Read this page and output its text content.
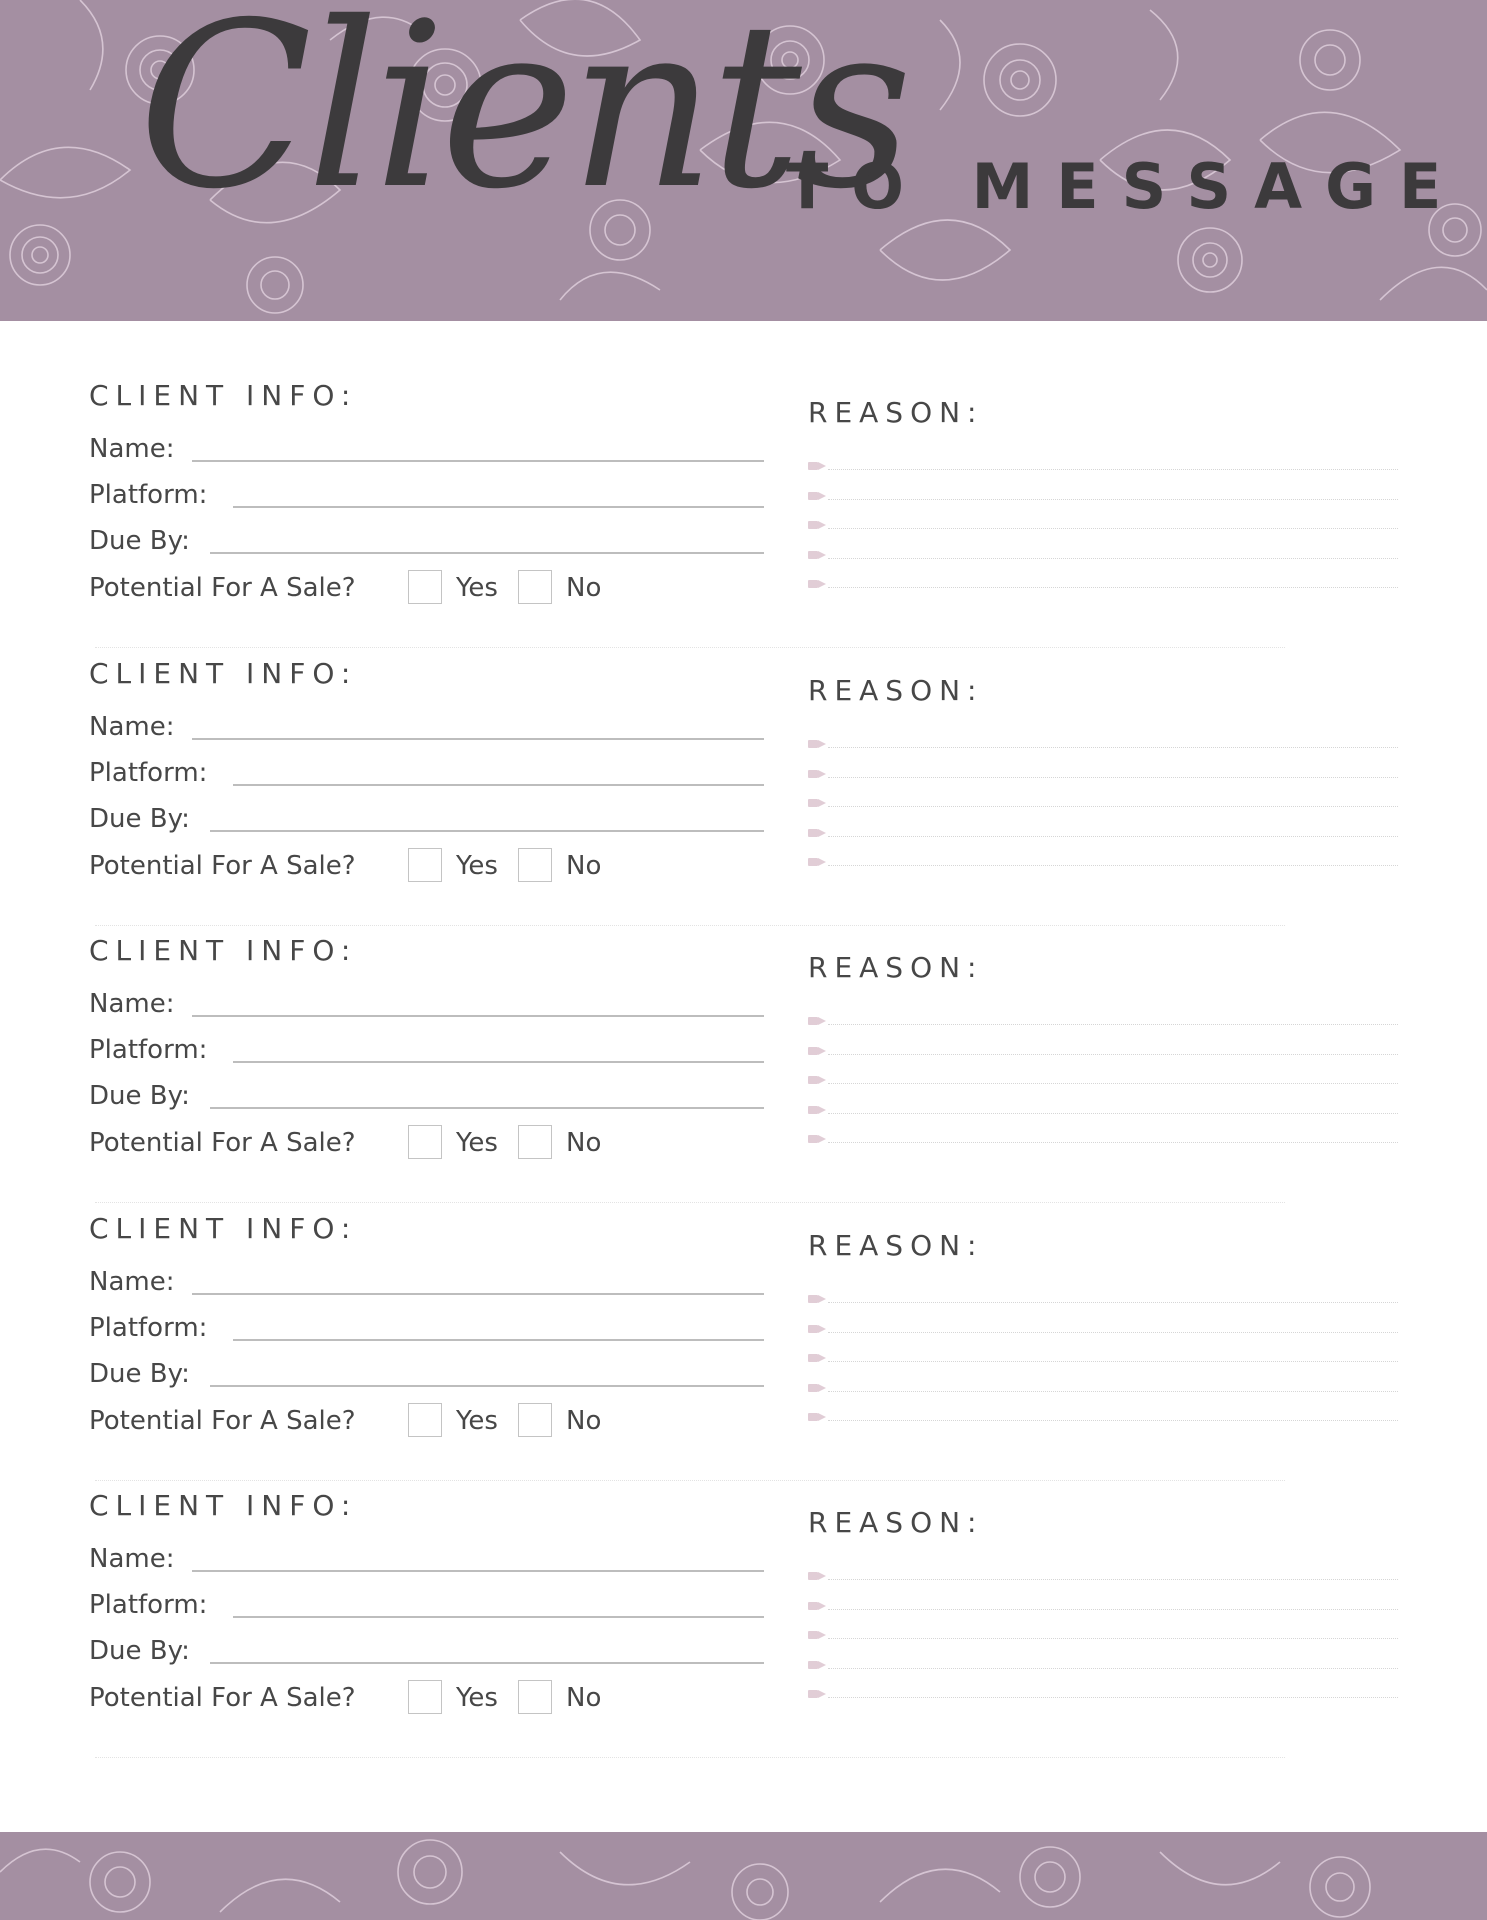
Clients
TO MESSAGE
CLIENT INFO:
Name:
Platform:
Due By:
Potential For A Sale?	Yes	No
REASON:
CLIENT INFO:
Name:
Platform:
Due By:
Potential For A Sale?	Yes	No
REASON:
CLIENT INFO:
Name:
Platform:
Due By:
Potential For A Sale?	Yes	No
REASON:
CLIENT INFO:
Name:
Platform:
Due By:
Potential For A Sale?	Yes	No
REASON:
CLIENT INFO:
Name:
Platform:
Due By:
Potential For A Sale?	Yes	No
REASON:
